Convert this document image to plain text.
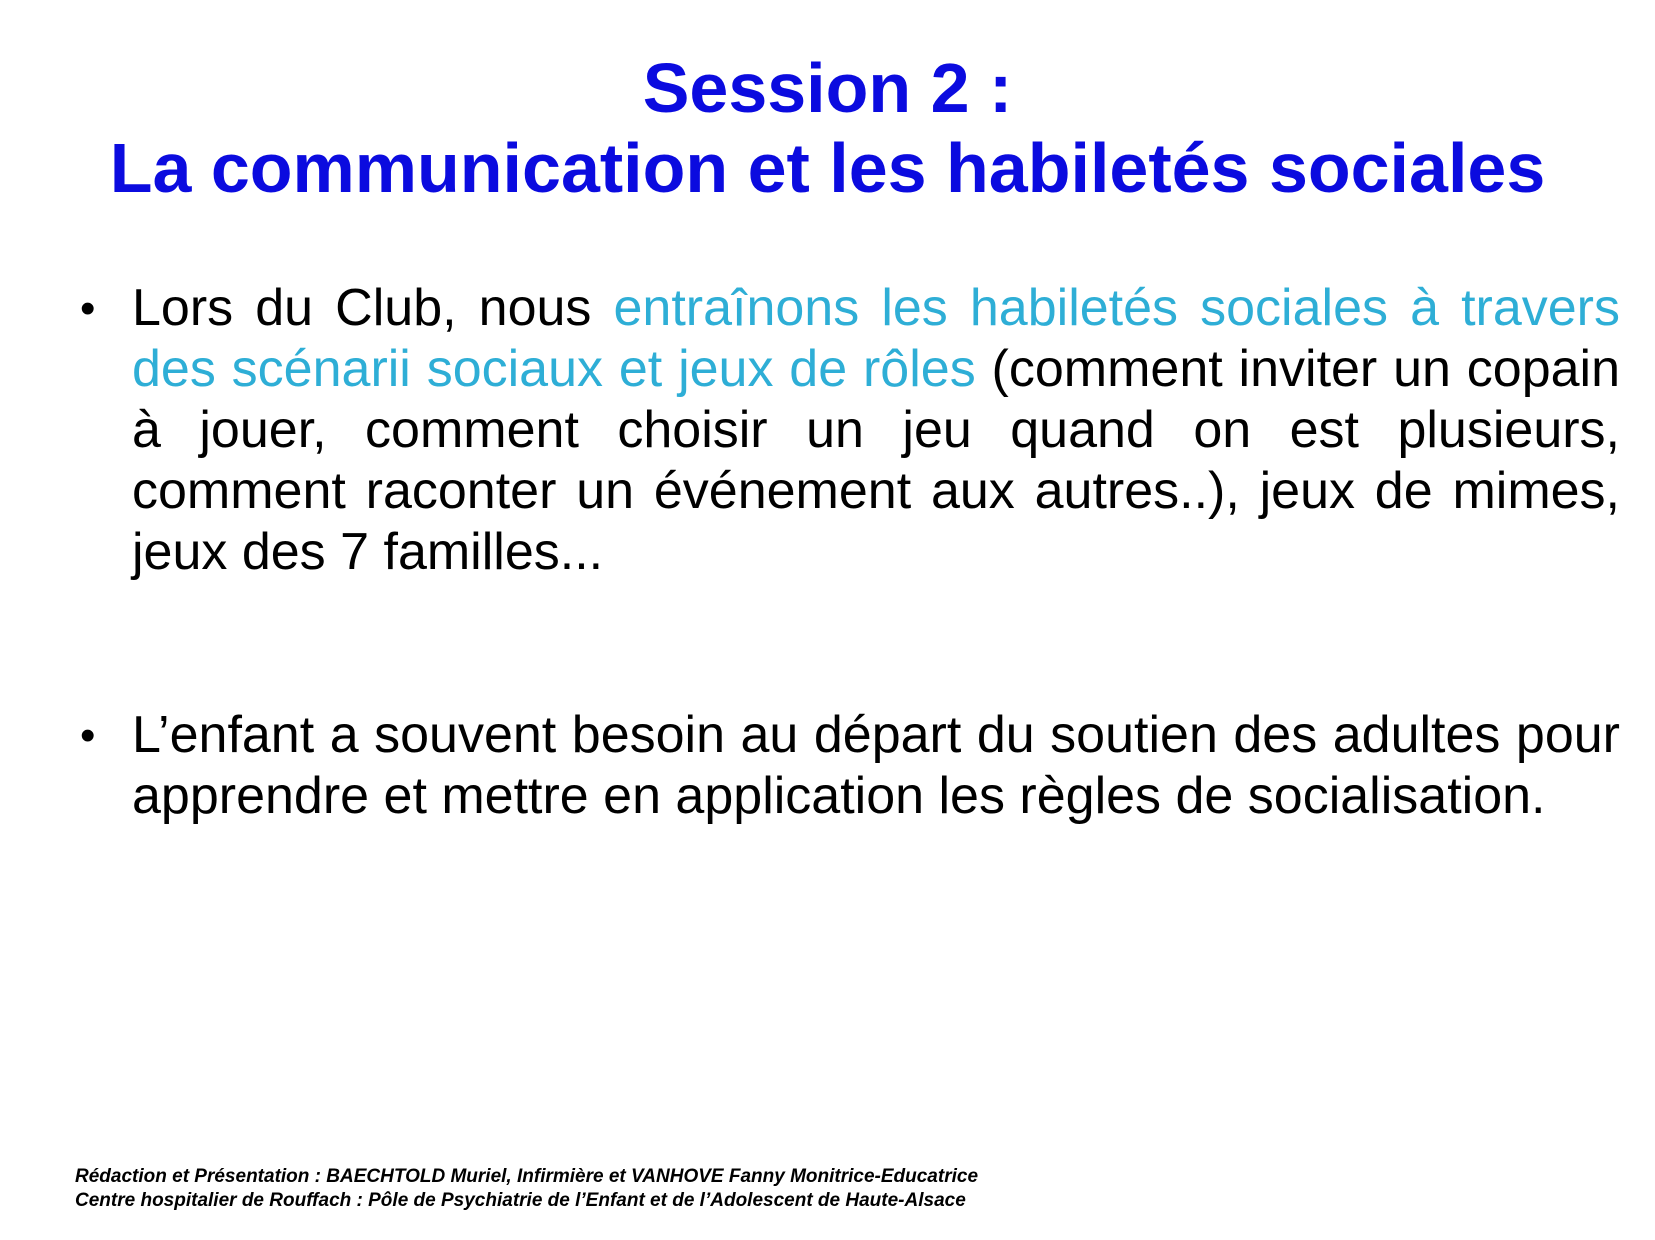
Session 2 :
La communication et les habiletés sociales
• Lors du Club, nous entraînons les habiletés sociales à travers des scénarii sociaux et jeux de rôles (comment inviter un copain à jouer, comment choisir un jeu quand on est plusieurs, comment raconter un événement aux autres..), jeux de mimes, jeux des 7 familles...
• L’enfant a souvent besoin au départ du soutien des adultes pour apprendre et mettre en application les règles de socialisation.
Rédaction et Présentation : BAECHTOLD Muriel, Infirmière et VANHOVE Fanny Monitrice-Educatrice
Centre hospitalier de Rouffach : Pôle de Psychiatrie de l’Enfant et de l’Adolescent de Haute-Alsace
